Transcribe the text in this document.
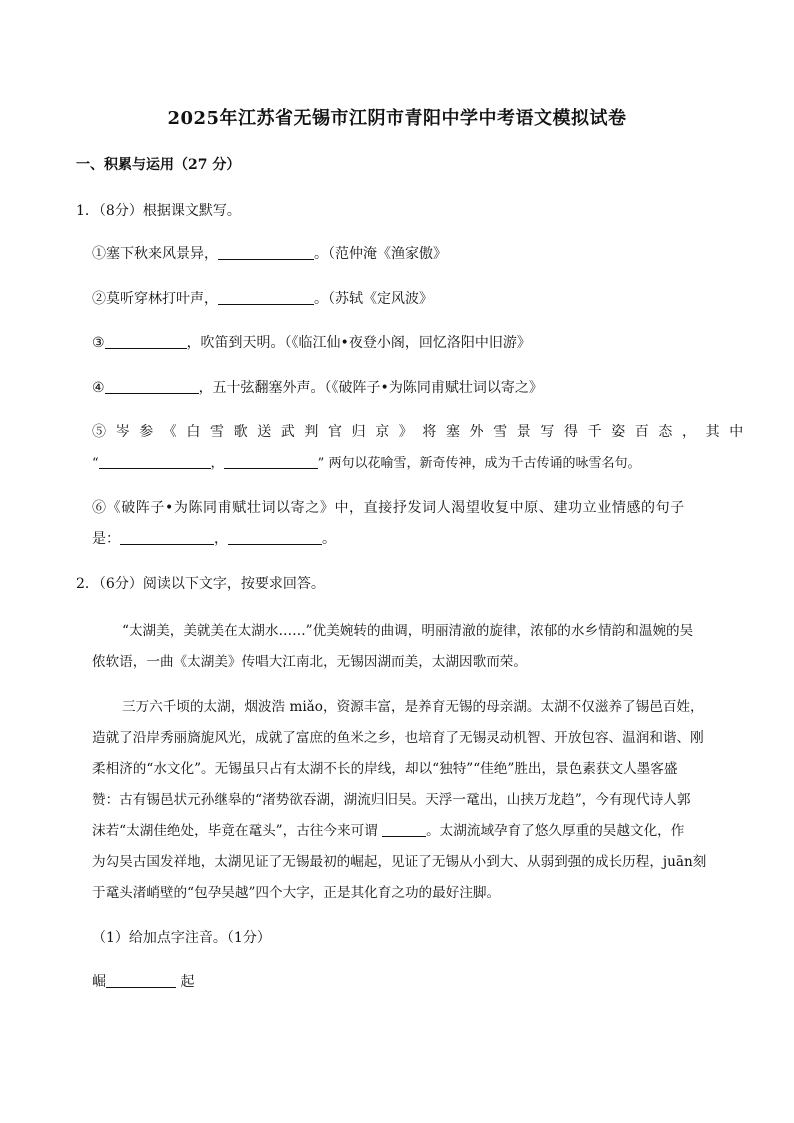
2025年江苏省无锡市江阴市青阳中学中考语文模拟试卷
一、积累与运用（27 分）
1．（8分）根据课文默写。
①塞下秋来风景异，	。（范仲淹《渔家傲》
②莫听穿林打叶声，	。（苏轼《定风波》
③	，吹笛到天明。（《临江仙•夜登小阁，回忆洛阳中旧游》
④	，五十弦翻塞外声。（《破阵子•为陈同甫赋壮词以寄之》
⑤岑参《白雪歌送武判官归京》将塞外雪景写得千姿百态，其中
“	，	” 两句以花喻雪，新奇传神，成为千古传诵的咏雪名句。
⑥《破阵子•为陈同甫赋壮词以寄之》中，直接抒发词人渴望收复中原、建功立业情感的句子
是：	，	。
2．（6分）阅读以下文字，按要求回答。
“太湖美，美就美在太湖水……”优美婉转的曲调，明丽清澈的旋律，浓郁的水乡情韵和温婉的吴
侬软语，一曲《太湖美》传唱大江南北，无锡因湖而美，太湖因歌而荣。
三万六千顷的太湖，烟波浩 miǎo，资源丰富，是养育无锡的母亲湖。太湖不仅滋养了锡邑百姓，
造就了沿岸秀丽旖旎风光，成就了富庶的鱼米之乡，也培育了无锡灵动机智、开放包容、温润和谐、刚
柔相济的“水文化”。无锡虽只占有太湖不长的岸线，却以“独特”“佳绝”胜出，景色素获文人墨客盛
赞：古有锡邑状元孙继皋的“渚势欲吞湖，湖流归旧吴。天浮一鼋出，山挟万龙趋”，今有现代诗人郭
沫若“太湖佳绝处，毕竟在鼋头”，古往今来可谓	。太湖流域孕育了悠久厚重的吴越文化，作
为勾吴古国发祥地，太湖见证了无锡最初的崛起，见证了无锡从小到大、从弱到强的成长历程，juān刻
于鼋头渚峭壁的“包孕吴越”四个大字，正是其化育之功的最好注脚。
（1）给加点字注音。（1分）
崛	起
